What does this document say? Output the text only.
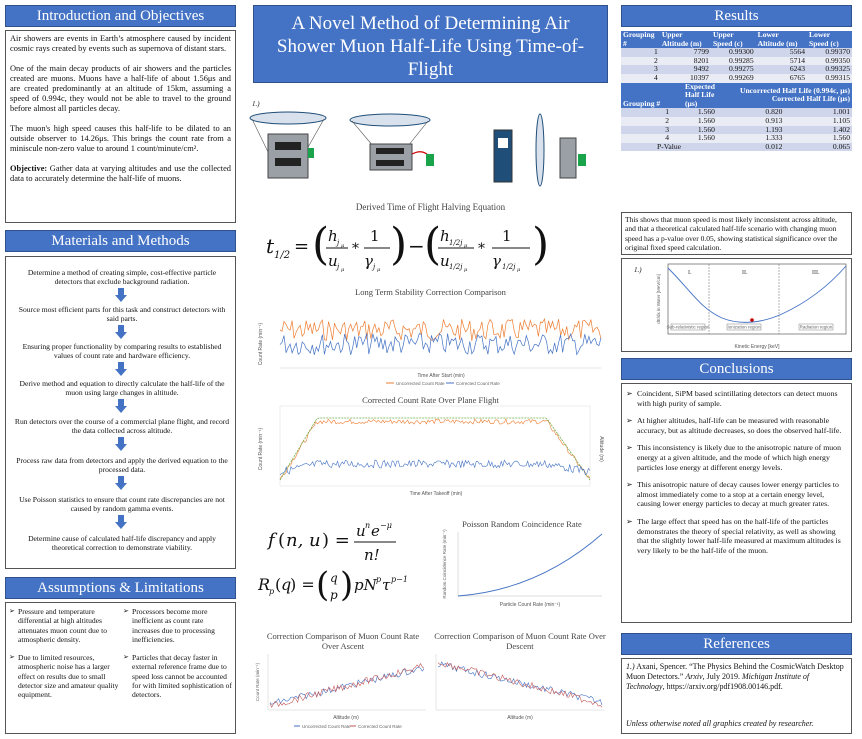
Introduction and Objectives

Air showers are events in Earth’s atmosphere caused by incident cosmic rays created by events such as supernova of distant stars.

One of the main decay products of air showers and the particles created are muons. Muons have a half-life of about 1.56μs and are created predominantly at an altitude of 15km, assuming a speed of 0.994c, they would not be able to travel to the ground before almost all particles decay.

The muon's high speed causes this half-life to be dilated to an outside observer to 14.26μs. This brings the count rate from a miniscule non-zero value to around 1 count/minute/cm².

Objective: Gather data at varying altitudes and use the collected data to accurately determine the half-life of muons.

Materials and Methods

Determine a method of creating simple, cost-effective particle detectors that exclude background radiation.

Source most efficient parts for this task and construct detectors with said parts.

Ensuring proper functionality by comparing results to established values of count rate and hardware efficiency.

Derive method and equation to directly calculate the half-life of the muon using large changes in altitude.

Run detectors over the course of a commercial plane flight, and record the data collected across altitude.

Process raw data from detectors and apply the derived equation to the processed data.

Use Poisson statistics to ensure that count rate discrepancies are not caused by random gamma events.

Determine cause of calculated half-life discrepancy and apply theoretical correction to demonstrate viability.

Assumptions & Limitations

➢ Pressure and temperature differential at high altitudes attenuates muon count due to atmospheric density.

➢ Due to limited resources, atmospheric noise has a larger effect on results due to small detector size and amateur quality equipment.

➢ Processors become more inefficient as count rate increases due to processing inefficiencies.

➢ Particles that decay faster in external reference frame due to speed loss cannot be accounted for with limited sophistication of detectors.

A Novel Method of Determining Air Shower Muon Half-Life Using Time-of-Flight

1.)

Derived Time of Flight Halving Equation

t 1/2 = (
h j μ
u j μ
*
1
γ j μ ) − (
h 1/2j μ
u 1/2j μ
*
1
γ 1/2j μ )

Long Term Stability Correction Comparison

Count Rate (min⁻¹)
Time After Start (min)
Uncorrected Count Rate	Corrected Count Rate

Corrected Count Rate Over Plane Flight

Count Rate (min⁻¹)	Altitude (m)
Time After Takeoff (min)
f ( n, u ) = u n e −μ
n!
R
p ( q
) = ( q
p ) pN p τ p−1

Poisson Random Coincidence Rate

Random Coincidence Rate (min⁻¹)
Particle Count Rate (min⁻¹)

Correction Comparison of Muon Count Rate Over Ascent

Count Rate (min⁻¹)
Altitude (m)
Uncorrected Count Rate Corrected Count Rate

Correction Comparison of Muon Count Rate Over Descent

Altitude (m)
Results
Grouping #	Upper Altitude (m)	Upper Speed (c)	Lower Altitude (m)	Lower Speed (c)
1	7799	0.99300	5564	0.99370
2	8201	0.99285	5714	0.99350
3	9492	0.99275	6243	0.99325
4	10397	0.99269	6765	0.99315
Grouping #	Expected Half Life (μs)	Uncorrected Half Life (0.994c, μs) Corrected Half Life (μs)	
1	1.560	0.820	1.001
2	1.560	0.913	1.105
3	1.560	1.193	1.402
4	1.560	1.333	1.560
P-Value		0.012	0.065

This shows that muon speed is most likely inconsistent across altitude, and that a theoretical calculated half-life scenario with changing muon speed has a p-value over 0.05, showing statistical significance over the original fixed speed calculation.

1.)	I.	II.	III.
Sub-relativistic region	Ionization region	Radiation region
dE/dx in Water [MeV/cm]
Kinetic Energy [keV]
Conclusions

➢ Coincident, SiPM based scintillating detectors can detect muons with high purity of sample.

➢ At higher altitudes, half-life can be measured with reasonable accuracy, but as altitude decreases, so does the observed half-life.

➢ This inconsistency is likely due to the anisotropic nature of muon energy at a given altitude, and the mode of which high energy particles lose energy at different energy levels.

➢ This anisotropic nature of decay causes lower energy particles to almost immediately come to a stop at a certain energy level, causing lower energy particles to decay at much greater rates.

➢ The large effect that speed has on the half-life of the particles demonstrates the theory of special relativity, as well as showing that the slightly lower half-life measured at maximum altitudes is very likely to be the half-life of the muon.

References

1.) Axani, Spencer. “The Physics Behind the CosmicWatch Desktop Muon Detectors.” Arxiv, July 2019. Michigan Institute of Technology, https://arxiv.org/pdf1908.00146.pdf.

Unless otherwise noted all graphics created by researcher.
